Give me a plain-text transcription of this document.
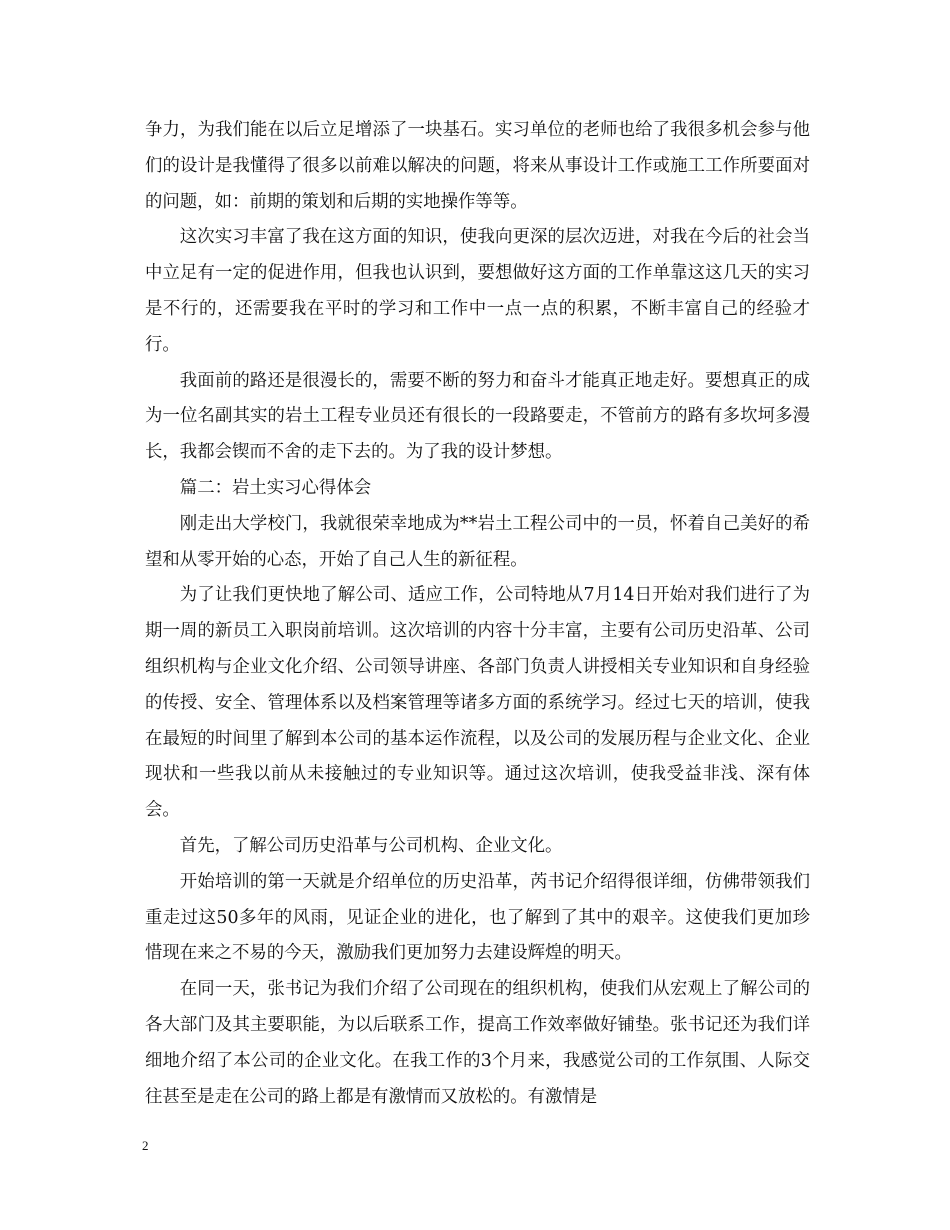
争力，为我们能在以后立足增添了一块基石。实习单位的老师也给了我很多机会参与他们的设计是我懂得了很多以前难以解决的问题，将来从事设计工作或施工工作所要面对的问题，如：前期的策划和后期的实地操作等等。

这次实习丰富了我在这方面的知识，使我向更深的层次迈进，对我在今后的社会当中立足有一定的促进作用，但我也认识到，要想做好这方面的工作单靠这这几天的实习是不行的，还需要我在平时的学习和工作中一点一点的积累，不断丰富自己的经验才行。

我面前的路还是很漫长的，需要不断的努力和奋斗才能真正地走好。要想真正的成为一位名副其实的岩土工程专业员还有很长的一段路要走，不管前方的路有多坎坷多漫长，我都会锲而不舍的走下去的。为了我的设计梦想。

篇二：岩土实习心得体会

刚走出大学校门，我就很荣幸地成为**岩土工程公司中的一员，怀着自己美好的希望和从零开始的心态，开始了自己人生的新征程。

为了让我们更快地了解公司、适应工作，公司特地从7月14日开始对我们进行了为期一周的新员工入职岗前培训。这次培训的内容十分丰富，主要有公司历史沿革、公司组织机构与企业文化介绍、公司领导讲座、各部门负责人讲授相关专业知识和自身经验的传授、安全、管理体系以及档案管理等诸多方面的系统学习。经过七天的培训，使我在最短的时间里了解到本公司的基本运作流程，以及公司的发展历程与企业文化、企业现状和一些我以前从未接触过的专业知识等。通过这次培训，使我受益非浅、深有体会。

首先，了解公司历史沿革与公司机构、企业文化。

开始培训的第一天就是介绍单位的历史沿革，芮书记介绍得很详细，仿佛带领我们重走过这50多年的风雨，见证企业的进化，也了解到了其中的艰辛。这使我们更加珍惜现在来之不易的今天，激励我们更加努力去建设辉煌的明天。

在同一天，张书记为我们介绍了公司现在的组织机构，使我们从宏观上了解公司的各大部门及其主要职能，为以后联系工作，提高工作效率做好铺垫。张书记还为我们详细地介绍了本公司的企业文化。在我工作的3个月来，我感觉公司的工作氛围、人际交往甚至是走在公司的路上都是有激情而又放松的。有激情是

2
